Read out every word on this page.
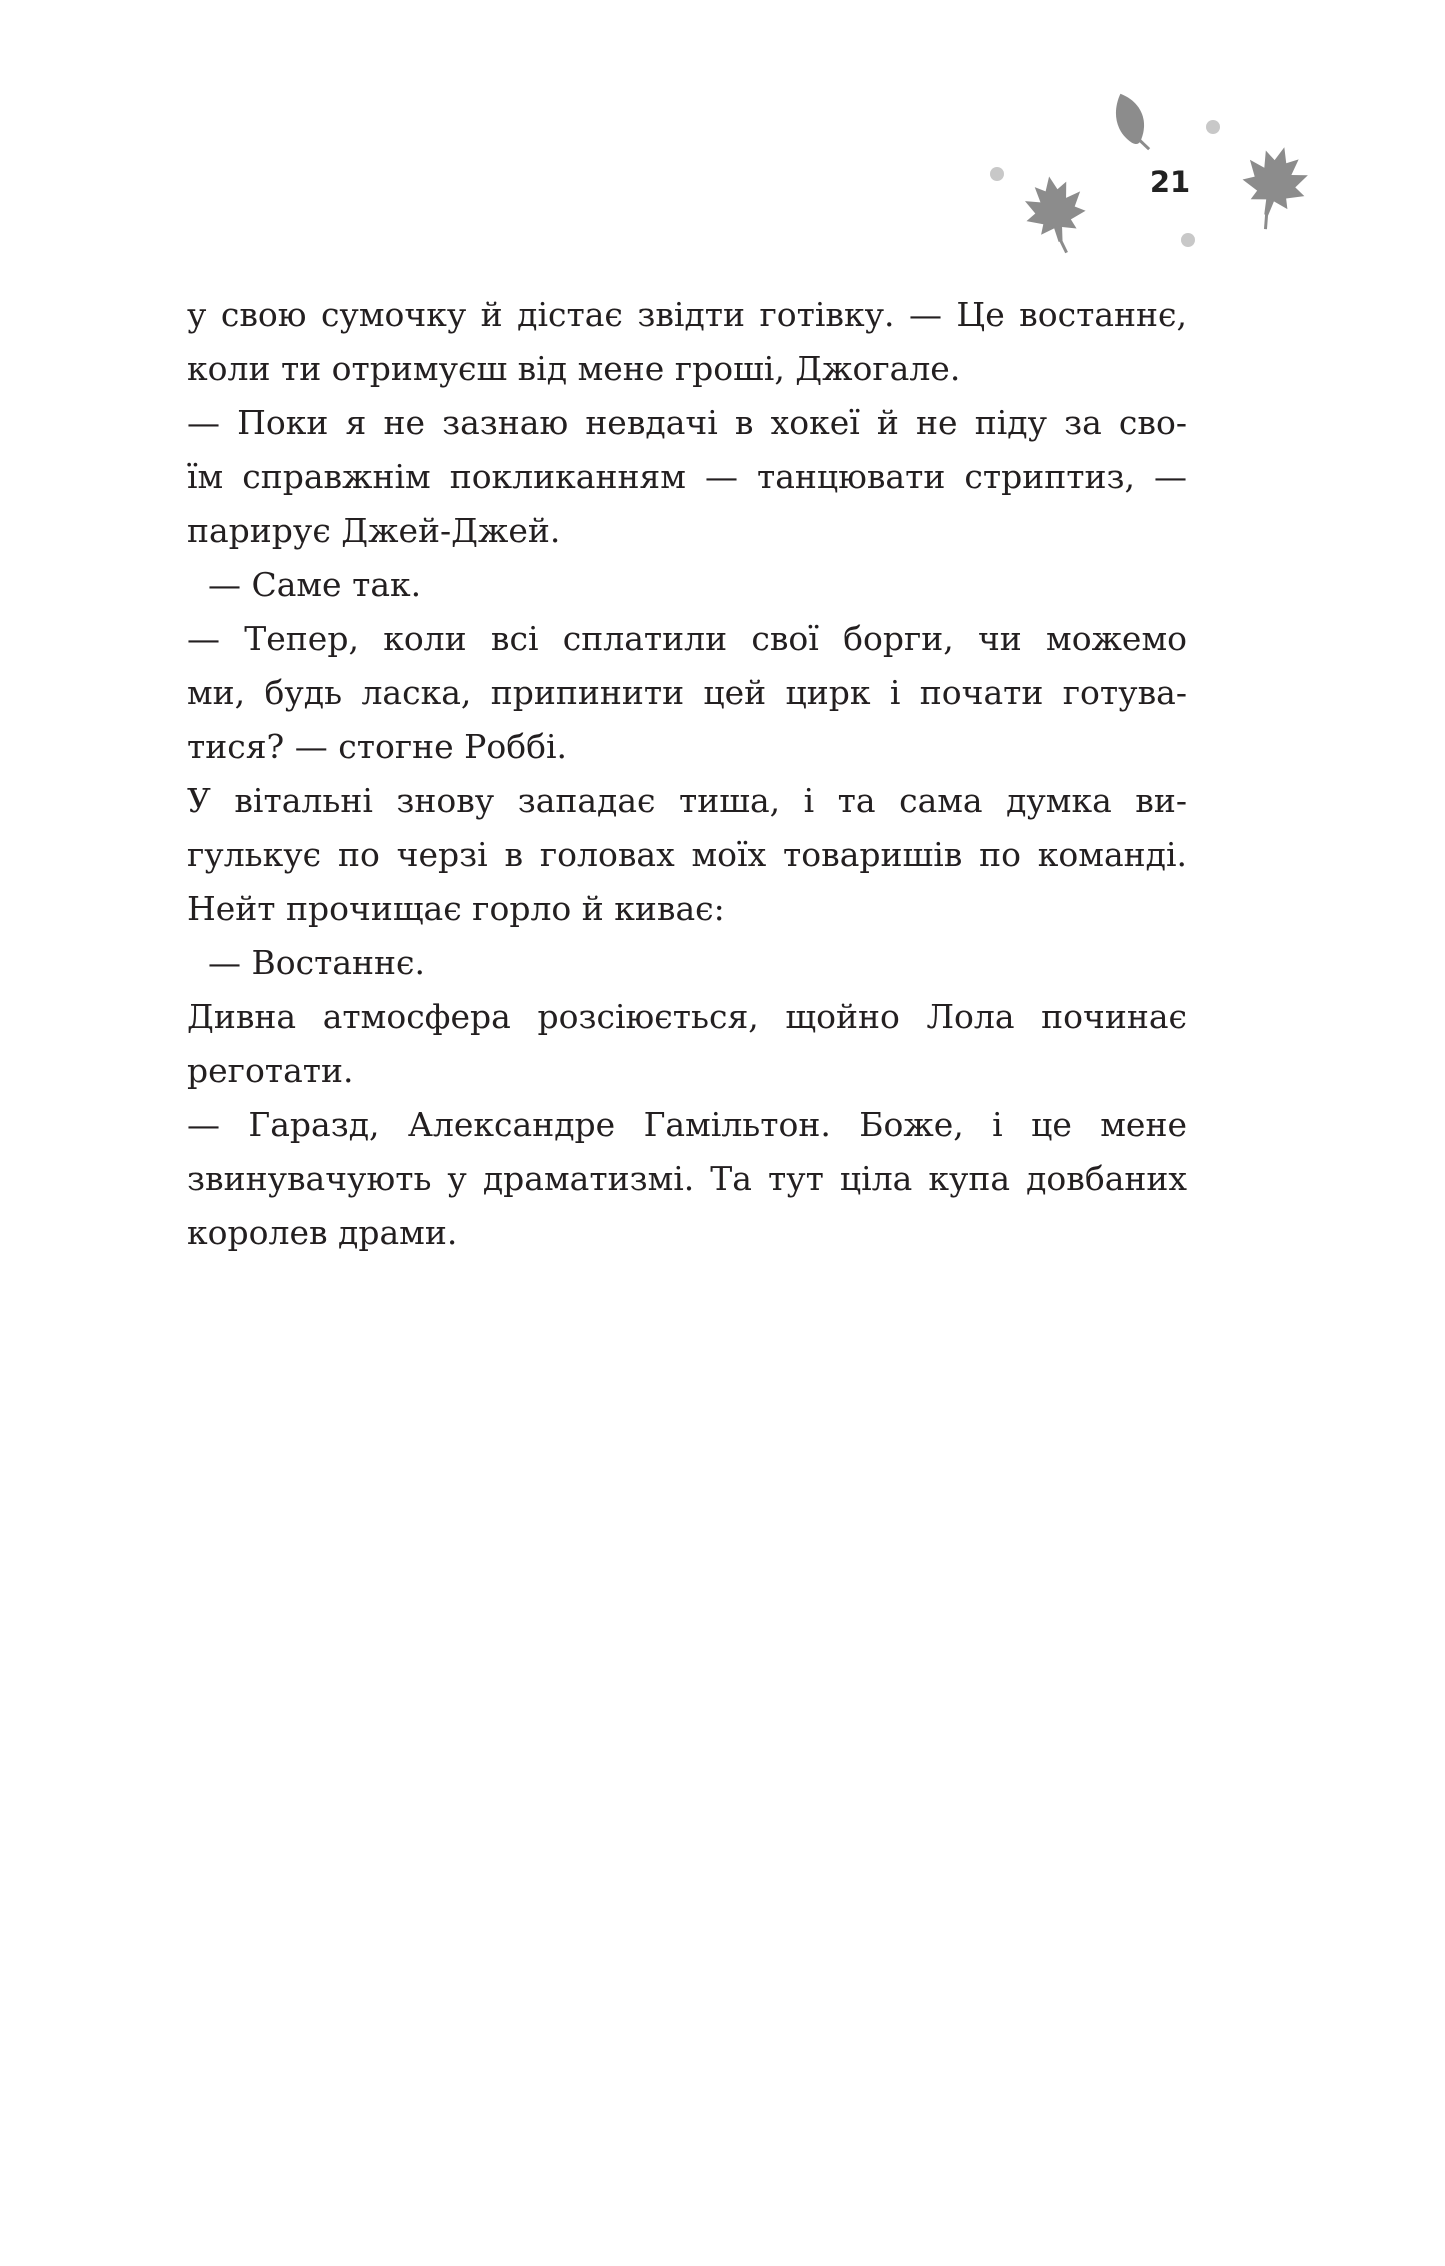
21
у свою сумочку й дістає звідти готівку. — Це востаннє,
коли ти отримуєш від мене гроші, Джогале.
— Поки я не зазнаю невдачі в хокеї й не піду за сво-
їм справжнім покликанням — танцювати стриптиз, —
парирує Джей-Джей.
— Саме так.
— Тепер, коли всі сплатили свої борги, чи можемо
ми, будь ласка, припинити цей цирк і почати готува-
тися? — стогне Роббі.
У вітальні знову западає тиша, і та сама думка ви-
гулькує по черзі в головах моїх товаришів по команді.
Нейт прочищає горло й киває:
— Востаннє.
Дивна атмосфера розсіюється, щойно Лола починає
реготати.
— Гаразд, Александре Гамільтон. Боже, і це мене
звинувачують у драматизмі. Та тут ціла купа довбаних
королев драми.
